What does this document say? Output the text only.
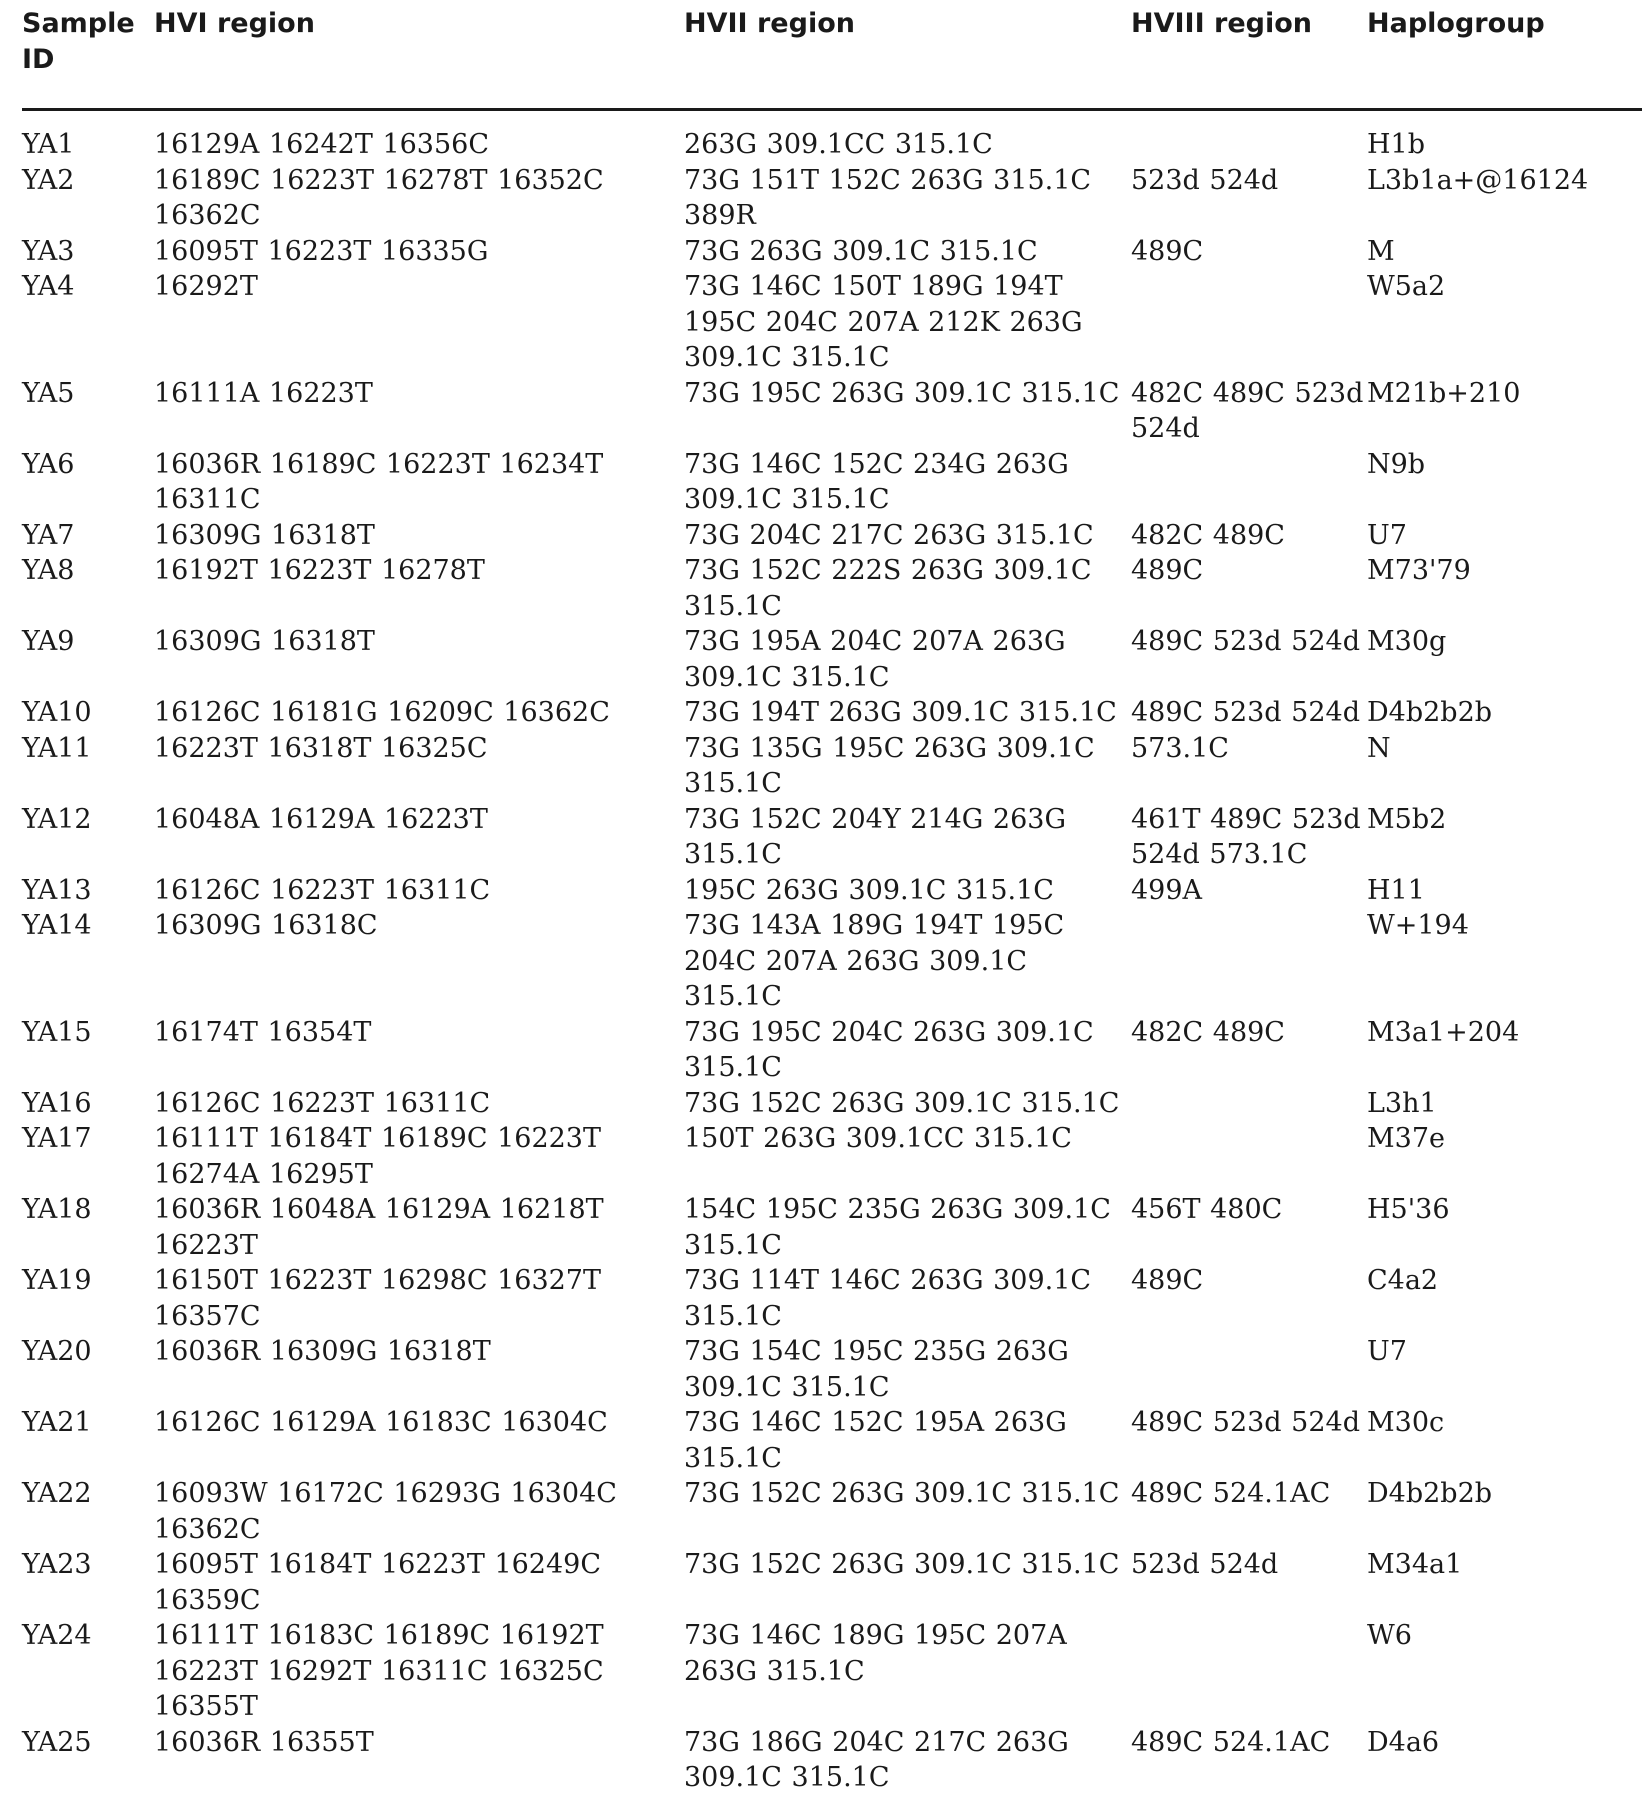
Sample ID	HVI region	HVII region	HVIII region	Haplogroup
YA1	16129A 16242T 16356C	263G 309.1CC 315.1C		H1b
YA2	16189C 16223T 16278T 16352C 16362C	73G 151T 152C 263G 315.1C 389R	523d 524d	L3b1a+@16124
YA3	16095T 16223T 16335G	73G 263G 309.1C 315.1C	489C	M
YA4	16292T	73G 146C 150T 189G 194T 195C 204C 207A 212K 263G 309.1C 315.1C		W5a2
YA5	16111A 16223T	73G 195C 263G 309.1C 315.1C	482C 489C 523d 524d	M21b+210
YA6	16036R 16189C 16223T 16234T 16311C	73G 146C 152C 234G 263G 309.1C 315.1C		N9b
YA7	16309G 16318T	73G 204C 217C 263G 315.1C	482C 489C	U7
YA8	16192T 16223T 16278T	73G 152C 222S 263G 309.1C 315.1C	489C	M73'79
YA9	16309G 16318T	73G 195A 204C 207A 263G 309.1C 315.1C	489C 523d 524d	M30g
YA10	16126C 16181G 16209C 16362C	73G 194T 263G 309.1C 315.1C	489C 523d 524d	D4b2b2b
YA11	16223T 16318T 16325C	73G 135G 195C 263G 309.1C 315.1C	573.1C	N
YA12	16048A 16129A 16223T	73G 152C 204Y 214G 263G 315.1C	461T 489C 523d 524d 573.1C	M5b2
YA13	16126C 16223T 16311C	195C 263G 309.1C 315.1C	499A	H11
YA14	16309G 16318C	73G 143A 189G 194T 195C 204C 207A 263G 309.1C 315.1C		W+194
YA15	16174T 16354T	73G 195C 204C 263G 309.1C 315.1C	482C 489C	M3a1+204
YA16	16126C 16223T 16311C	73G 152C 263G 309.1C 315.1C		L3h1
YA17	16111T 16184T 16189C 16223T 16274A 16295T	150T 263G 309.1CC 315.1C		M37e
YA18	16036R 16048A 16129A 16218T 16223T	154C 195C 235G 263G 309.1C 315.1C	456T 480C	H5'36
YA19	16150T 16223T 16298C 16327T 16357C	73G 114T 146C 263G 309.1C 315.1C	489C	C4a2
YA20	16036R 16309G 16318T	73G 154C 195C 235G 263G 309.1C 315.1C		U7
YA21	16126C 16129A 16183C 16304C	73G 146C 152C 195A 263G 315.1C	489C 523d 524d	M30c
YA22	16093W 16172C 16293G 16304C 16362C	73G 152C 263G 309.1C 315.1C	489C 524.1AC	D4b2b2b
YA23	16095T 16184T 16223T 16249C 16359C	73G 152C 263G 309.1C 315.1C	523d 524d	M34a1
YA24	16111T 16183C 16189C 16192T 16223T 16292T 16311C 16325C 16355T	73G 146C 189G 195C 207A 263G 315.1C		W6
YA25	16036R 16355T	73G 186G 204C 217C 263G 309.1C 315.1C	489C 524.1AC	D4a6
